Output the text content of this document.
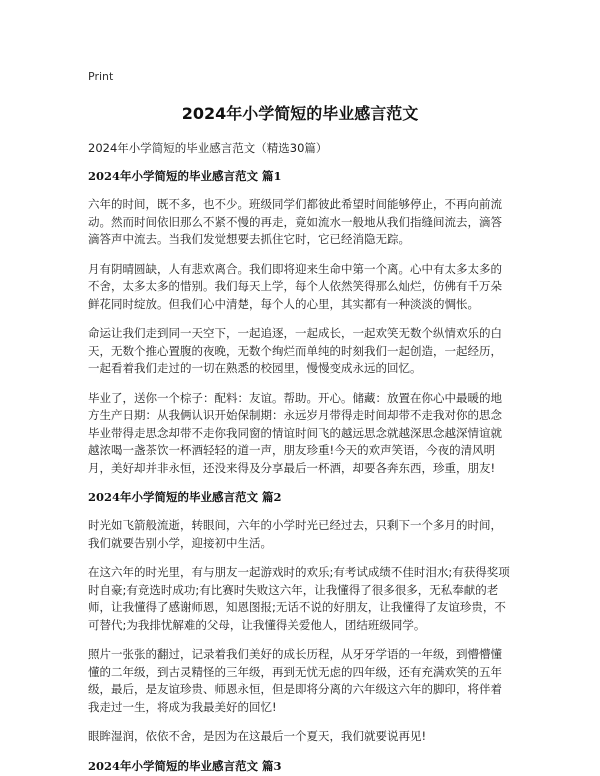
Print
2024年小学简短的毕业感言范文

2024年小学简短的毕业感言范文（精选30篇）

2024年小学简短的毕业感言范文 篇1

六年的时间，既不多，也不少。班级同学们都彼此希望时间能够停止，不再向前流动。然而时间依旧那么不紧不慢的再走，竟如流水一般地从我们指缝间流去，滴答滴答声中流去。当我们发觉想要去抓住它时，它已经消隐无踪。

月有阴晴圆缺，人有悲欢离合。我们即将迎来生命中第一个离。心中有太多太多的不舍，太多太多的惜别。我们每天上学，每个人依然笑得那么灿烂，仿佛有千万朵鲜花同时绽放。但我们心中清楚，每个人的心里，其实都有一种淡淡的惆怅。

命运让我们走到同一天空下，一起追逐，一起成长，一起欢笑无数个纵情欢乐的白天，无数个推心置腹的夜晚，无数个绚烂而单纯的时刻我们一起创造，一起经历，一起看着我们走过的一切在熟悉的校园里，慢慢变成永远的回忆。

毕业了，送你一个棕子：配料：友谊。帮助。开心。储藏：放置在你心中最暖的地方生产日期：从我俩认识开始保制期：永远岁月带得走时间却带不走我对你的思念毕业带得走思念却带不走你我同窗的情谊时间飞的越远思念就越深思念越深情谊就越浓喝一盏茶饮一杯酒轻轻的道一声，朋友珍重!今天的欢声笑语，今夜的清风明月，美好却并非永恒，还没来得及分享最后一杯酒，却要各奔东西，珍重，朋友!

2024年小学简短的毕业感言范文 篇2

时光如飞箭般流逝，转眼间，六年的小学时光已经过去，只剩下一个多月的时间，我们就要告别小学，迎接初中生活。

在这六年的时光里，有与朋友一起游戏时的欢乐;有考试成绩不佳时泪水;有获得奖项时自豪;有竞选时成功;有比赛时失败这六年，让我懂得了很多很多，无私奉献的老师，让我懂得了感谢师恩，知恩图报;无话不说的好朋友，让我懂得了友谊珍贵，不可替代;为我排忧解难的父母，让我懂得关爱他人，团结班级同学。

照片一张张的翻过，记录着我们美好的成长历程，从牙牙学语的一年级，到懵懵懂懂的二年级，到古灵精怪的三年级，再到无忧无虑的四年级，还有充满欢笑的五年级，最后，是友谊珍贵、师恩永恒，但是即将分离的六年级这六年的脚印，将伴着我走过一生，将成为我最美好的回忆!

眼眸湿润，依依不舍，是因为在这最后一个夏天，我们就要说再见!

2024年小学简短的毕业感言范文 篇3
